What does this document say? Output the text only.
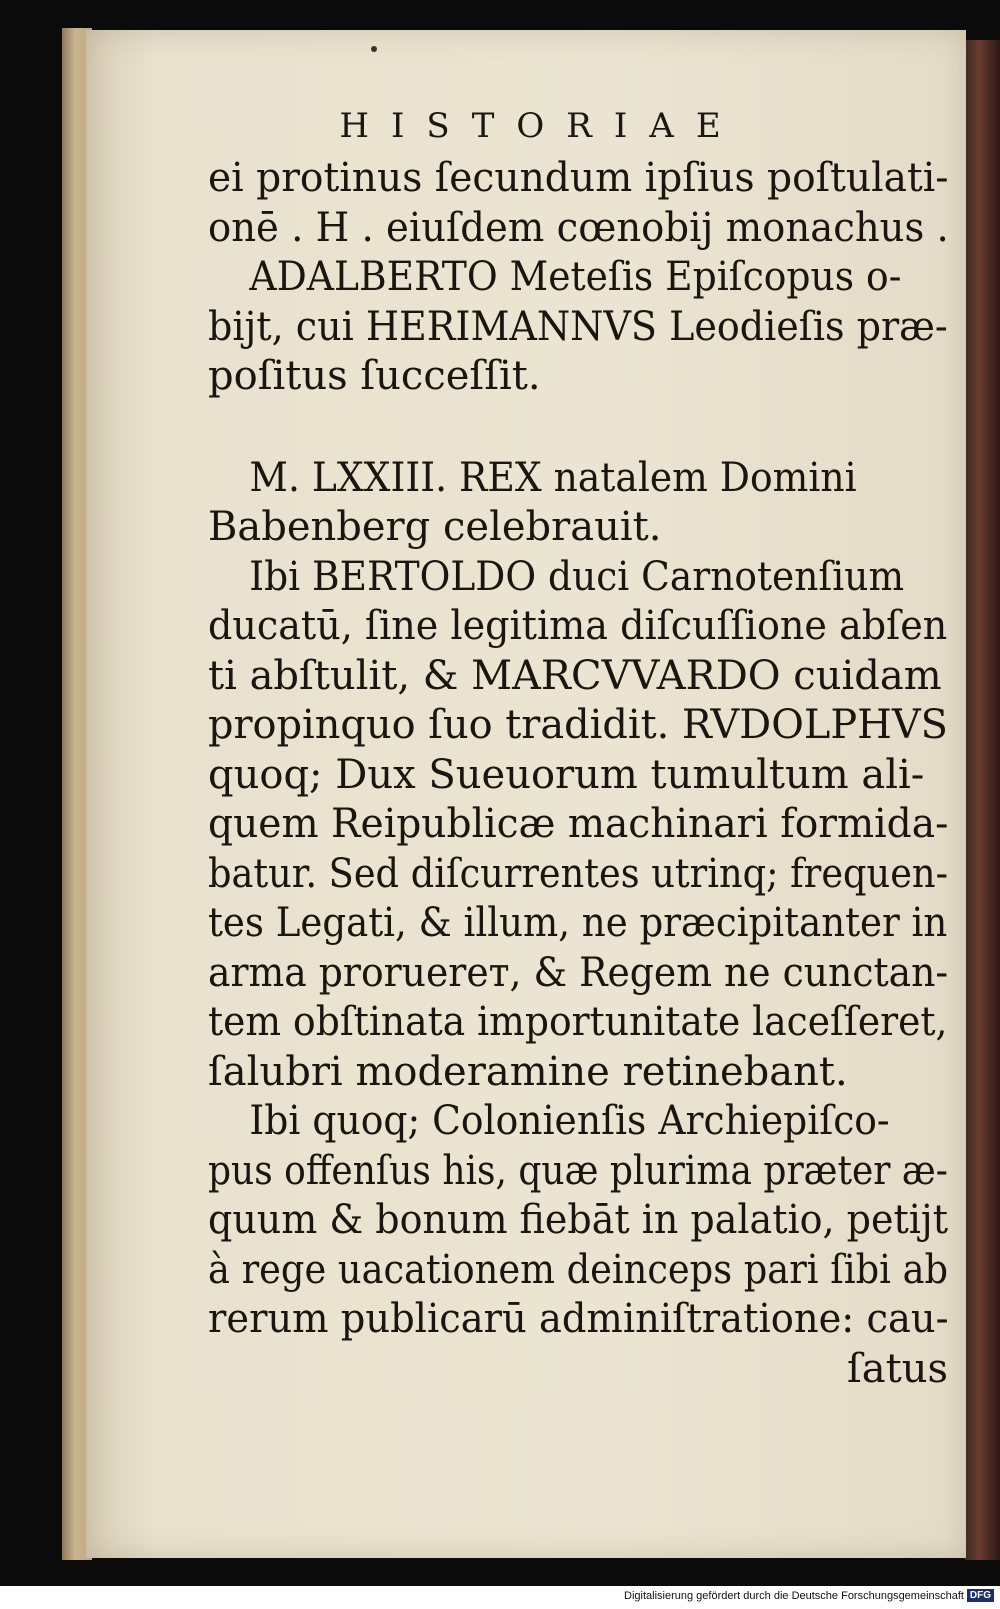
HISTORIAE
ei protinus ſecundum ipſius poſtulati-
onē . H . eiuſdem cœnobij monachus .
ADALBERTO Meteſis Epiſcopus o-
bijt, cui HERIMANNVS Leodieſis præ-
poſitus ſucceſſit.
M. LXXIII. REX natalem Domini
Babenberg celebrauit.
Ibi BERTOLDO duci Carnotenſium
ducatū, ſine legitima diſcuſſione abſen
ti abſtulit, & MARCVVARDO cuidam
propinquo ſuo tradidit. RVDOLPHVS
quoq; Dux Sueuorum tumultum ali-
quem Reipublicæ machinari formida-
batur. Sed diſcurrentes utrinq; frequen-
tes Legati, & illum, ne præcipitanter in
arma proruereт, & Regem ne cunctan-
tem obſtinata importunitate laceſſeret,
ſalubri moderamine retinebant.
Ibi quoq; Colonienſis Archiepiſco-
pus offenſus his, quæ plurima præter æ-
quum & bonum fiebāt in palatio, petijt
à rege uacationem deinceps pari ſibi ab
rerum publicarū adminiſtratione: cau-
ſatus
Digitalisierung gefördert durch die Deutsche Forschungsgemeinschaft DFG
